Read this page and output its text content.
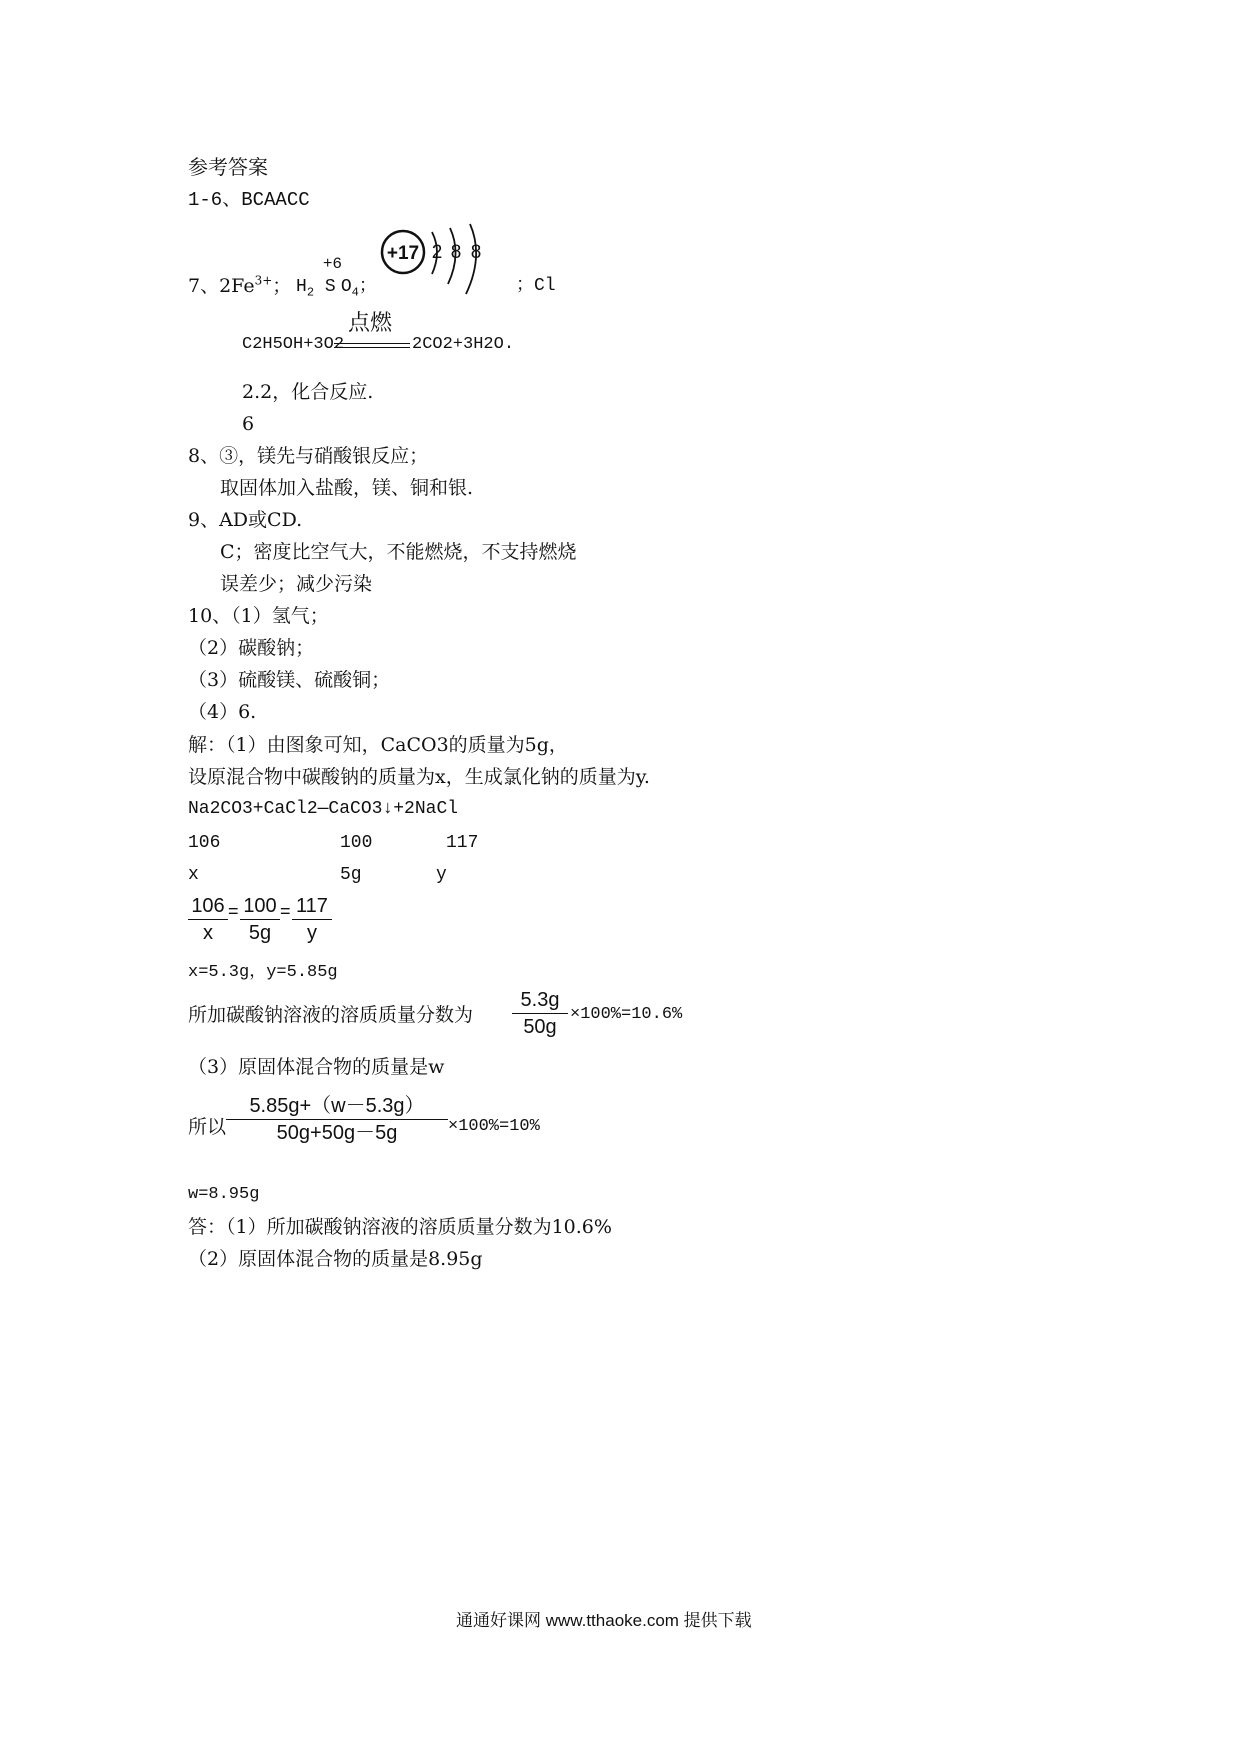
参考答案
1-6、BCAACC
7、$2Fe^{3+}$； $H_2$
+6
S $O_4$；
+17 2 8 8
；Cl
C2H5OH+3O2
点燃
2CO2+3H2O.
2.2，化合反应.
6
8、③，镁先与硝酸银反应；
取固体加入盐酸，镁、铜和银.
9、AD或CD.
C；密度比空气大，不能燃烧，不支持燃烧
误差少；减少污染
10、（1）氢气；
（2）碳酸钠；
（3）硫酸镁、硫酸铜；
（4）6.
解：（1）由图象可知，CaCO3的质量为5g，
设原混合物中碳酸钠的质量为x，生成氯化钠的质量为y.
Na2CO3+CaCl2—CaCO3↓+2NaCl
106	100	117
x	5g	y
106
x
= 100
5g
= 117
y
x=5.3g，y=5.85g
所加碳酸钠溶液的溶质质量分数为
5.3g
50g
×100%=10.6%
（3）原固体混合物的质量是w
所以
5.85g+（w－5.3g）
50g+50g－5g	×100%=10%
w=8.95g
答：（1）所加碳酸钠溶液的溶质质量分数为10.6%
（2）原固体混合物的质量是8.95g
通通好课网 www.tthaoke.com 提供下载
